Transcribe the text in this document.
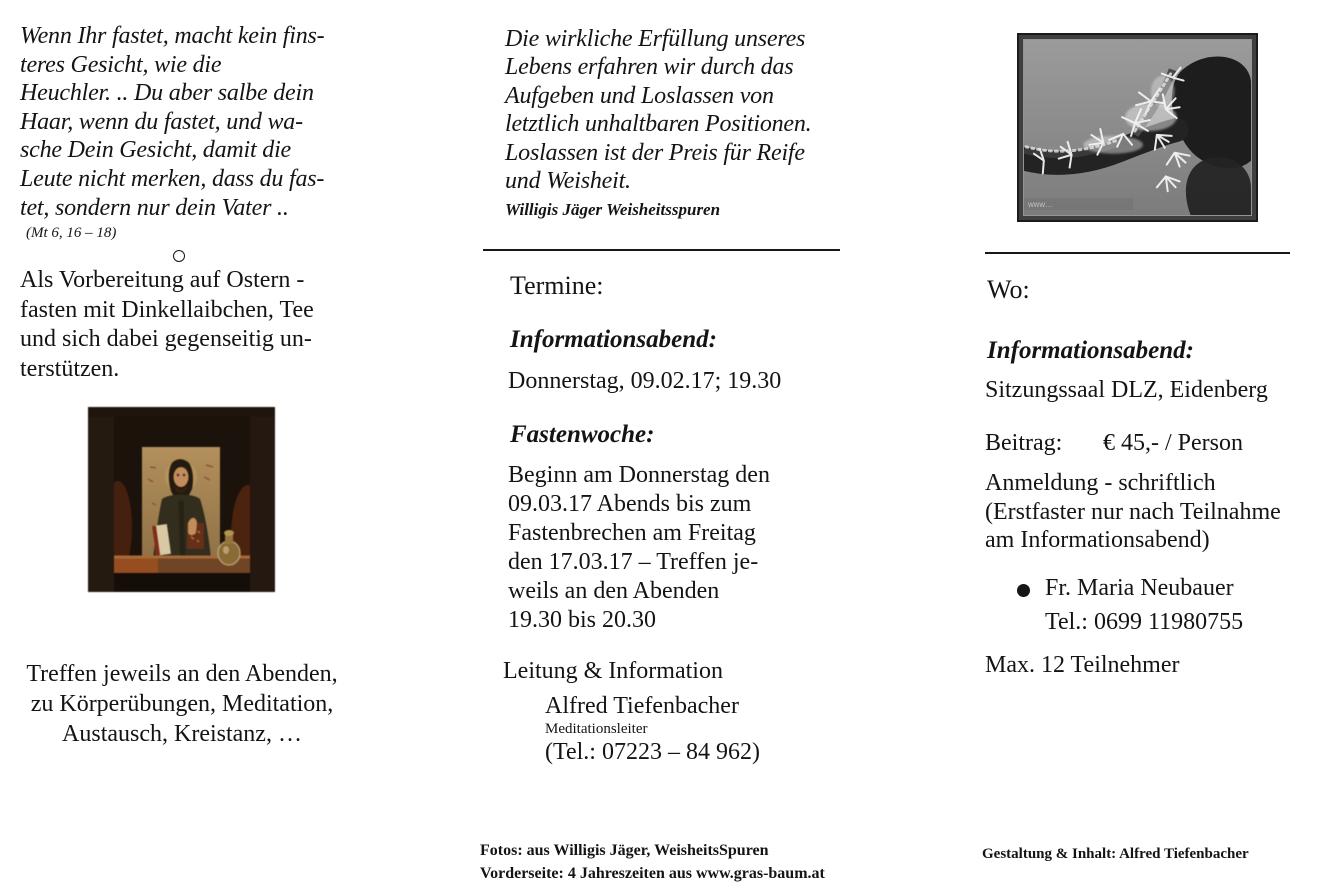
Wenn Ihr fastet, macht kein fins-
teres Gesicht, wie die
Heuchler. .. Du aber salbe dein
Haar, wenn du fastet, und wa-
sche Dein Gesicht, damit die
Leute nicht merken, dass du fas-
tet, sondern nur dein Vater ..
(Mt 6, 16 – 18)
Als Vorbereitung auf Ostern -
fasten mit Dinkellaibchen, Tee
und sich dabei gegenseitig un-
terstützen.
Treffen jeweils an den Abenden,
zu Körperübungen, Meditation,
Austausch, Kreistanz, …
Die wirkliche Erfüllung unseres
Lebens erfahren wir durch das
Aufgeben und Loslassen von
letztlich unhaltbaren Positionen.
Loslassen ist der Preis für Reife
und Weisheit.
Willigis Jäger Weisheitsspuren
Termine:
Informationsabend:
Donnerstag, 09.02.17; 19.30
Fastenwoche:
Beginn am Donnerstag den
09.03.17 Abends bis zum
Fastenbrechen am Freitag
den 17.03.17 – Treffen je-
weils an den Abenden
19.30 bis 20.30
Leitung & Information
Alfred Tiefenbacher
Meditationsleiter
(Tel.: 07223 – 84 962)
Fotos: aus Willigis Jäger, WeisheitsSpuren
Vorderseite: 4 Jahreszeiten aus www.gras-baum.at
www…
Wo:
Informationsabend:
Sitzungssaal DLZ, Eidenberg
Beitrag: € 45,- / Person
Anmeldung - schriftlich
(Erstfaster nur nach Teilnahme
am Informationsabend)
Fr. Maria Neubauer
Tel.: 0699 11980755
Max. 12 Teilnehmer
Gestaltung & Inhalt: Alfred Tiefenbacher
